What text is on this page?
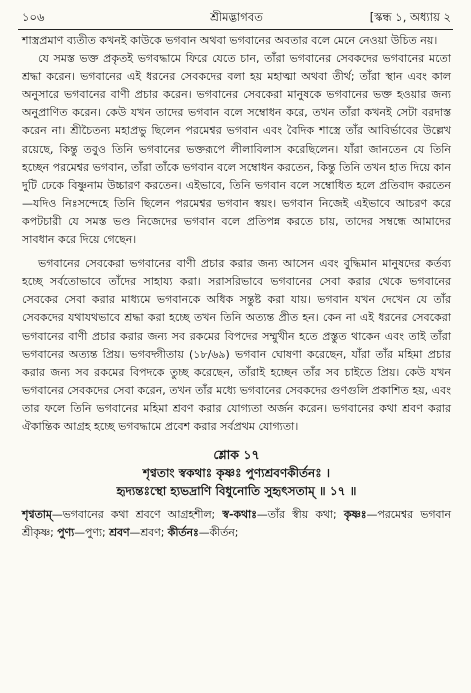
১০৬	শ্রীমদ্ভাগবত	[স্কন্ধ ১, অধ্যায় ২

শাস্ত্রপ্রমাণ ব্যতীত কখনই কাউকে ভগবান অথবা ভগবানের অবতার বলে মেনে নেওয়া উচিত নয়।

যে সমস্ত ভক্ত প্রকৃতই ভগবদ্ধামে ফিরে যেতে চান, তাঁরা ভগবানের সেবকদের ভগবানের মতো শ্রদ্ধা করেন। ভগবানের এই ধরনের সেবকদের বলা হয় মহাত্মা অথবা তীর্থ; তাঁরা স্থান এবং কাল অনুসারে ভগবানের বাণী প্রচার করেন। ভগবানের সেবকেরা মানুষকে ভগবানের ভক্ত হওয়ার জন্য অনুপ্রাণিত করেন। কেউ যখন তাদের ভগবান বলে সম্বোধন করে, তখন তাঁরা কখনই সেটা বরদাস্ত করেন না। শ্রীচৈতন্য মহাপ্রভু ছিলেন পরমেশ্বর ভগবান এবং বৈদিক শাস্ত্রে তাঁর আবির্ভাবের উল্লেখ রয়েছে, কিন্তু তবুও তিনি ভগবানের ভক্তরূপে লীলাবিলাস করেছিলেন। যাঁরা জানতেন যে তিনি হচ্ছেন পরমেশ্বর ভগবান, তাঁরা তাঁকে ভগবান বলে সম্বোধন করতেন, কিন্তু তিনি তখন হাত দিয়ে কান দুটি ঢেকে বিষ্ণুনাম উচ্চারণ করতেন। এইভাবে, তিনি ভগবান বলে সম্বোধিত হলে প্রতিবাদ করতেন—যদিও নিঃসন্দেহে তিনি ছিলেন পরমেশ্বর ভগবান স্বয়ং। ভগবান নিজেই এইভাবে আচরণ করে কপটচারী যে সমস্ত ভণ্ড নিজেদের ভগবান বলে প্রতিপন্ন করতে চায়, তাদের সম্বন্ধে আমাদের সাবধান করে দিয়ে গেছেন।

ভগবানের সেবকেরা ভগবানের বাণী প্রচার করার জন্য আসেন এবং বুদ্ধিমান মানুষদের কর্তব্য হচ্ছে সর্বতোভাবে তাঁদের সাহায্য করা। সরাসরিভাবে ভগবানের সেবা করার থেকে ভগবানের সেবকের সেবা করার মাধ্যমে ভগবানকে অধিক সন্তুষ্ট করা যায়। ভগবান যখন দেখেন যে তাঁর সেবকদের যথাযথভাবে শ্রদ্ধা করা হচ্ছে তখন তিনি অত্যন্ত প্রীত হন। কেন না এই ধরনের সেবকেরা ভগবানের বাণী প্রচার করার জন্য সব রকমের বিপদের সম্মুখীন হতে প্রস্তুত থাকেন এবং তাই তাঁরা ভগবানের অত্যন্ত প্রিয়। ভগবদ্গীতায় (১৮/৬৯) ভগবান ঘোষণা করেছেন, যাঁরা তাঁর মহিমা প্রচার করার জন্য সব রকমের বিপদকে তুচ্ছ করেছেন, তাঁরাই হচ্ছেন তাঁর সব চাইতে প্রিয়। কেউ যখন ভগবানের সেবকদের সেবা করেন, তখন তাঁর মধ্যে ভগবানের সেবকদের গুণগুলি প্রকাশিত হয়, এবং তার ফলে তিনি ভগবানের মহিমা শ্রবণ করার যোগ্যতা অর্জন করেন। ভগবানের কথা শ্রবণ করার ঐকান্তিক আগ্রহ হচ্ছে ভগবদ্ধামে প্রবেশ করার সর্বপ্রথম যোগ্যতা।

শ্লোক ১৭
শৃণ্বতাং স্বকথাঃ কৃষ্ণঃ পুণ্যশ্রবণকীর্তনঃ ।
হৃদ্যন্তঃস্থো হ্যভদ্রাণি বিধুনোতি সুহৃৎসতাম্ ॥ ১৭ ॥
শৃণ্বতাম্—ভগবানের কথা শ্রবণে আগ্রহশীল; স্ব-কথাঃ—তাঁর স্বীয় কথা; কৃষ্ণঃ—পরমেশ্বর ভগবান শ্রীকৃষ্ণ; পুণ্য—পুণ্য; শ্রবণ—শ্রবণ; কীর্তনঃ—কীর্তন;
